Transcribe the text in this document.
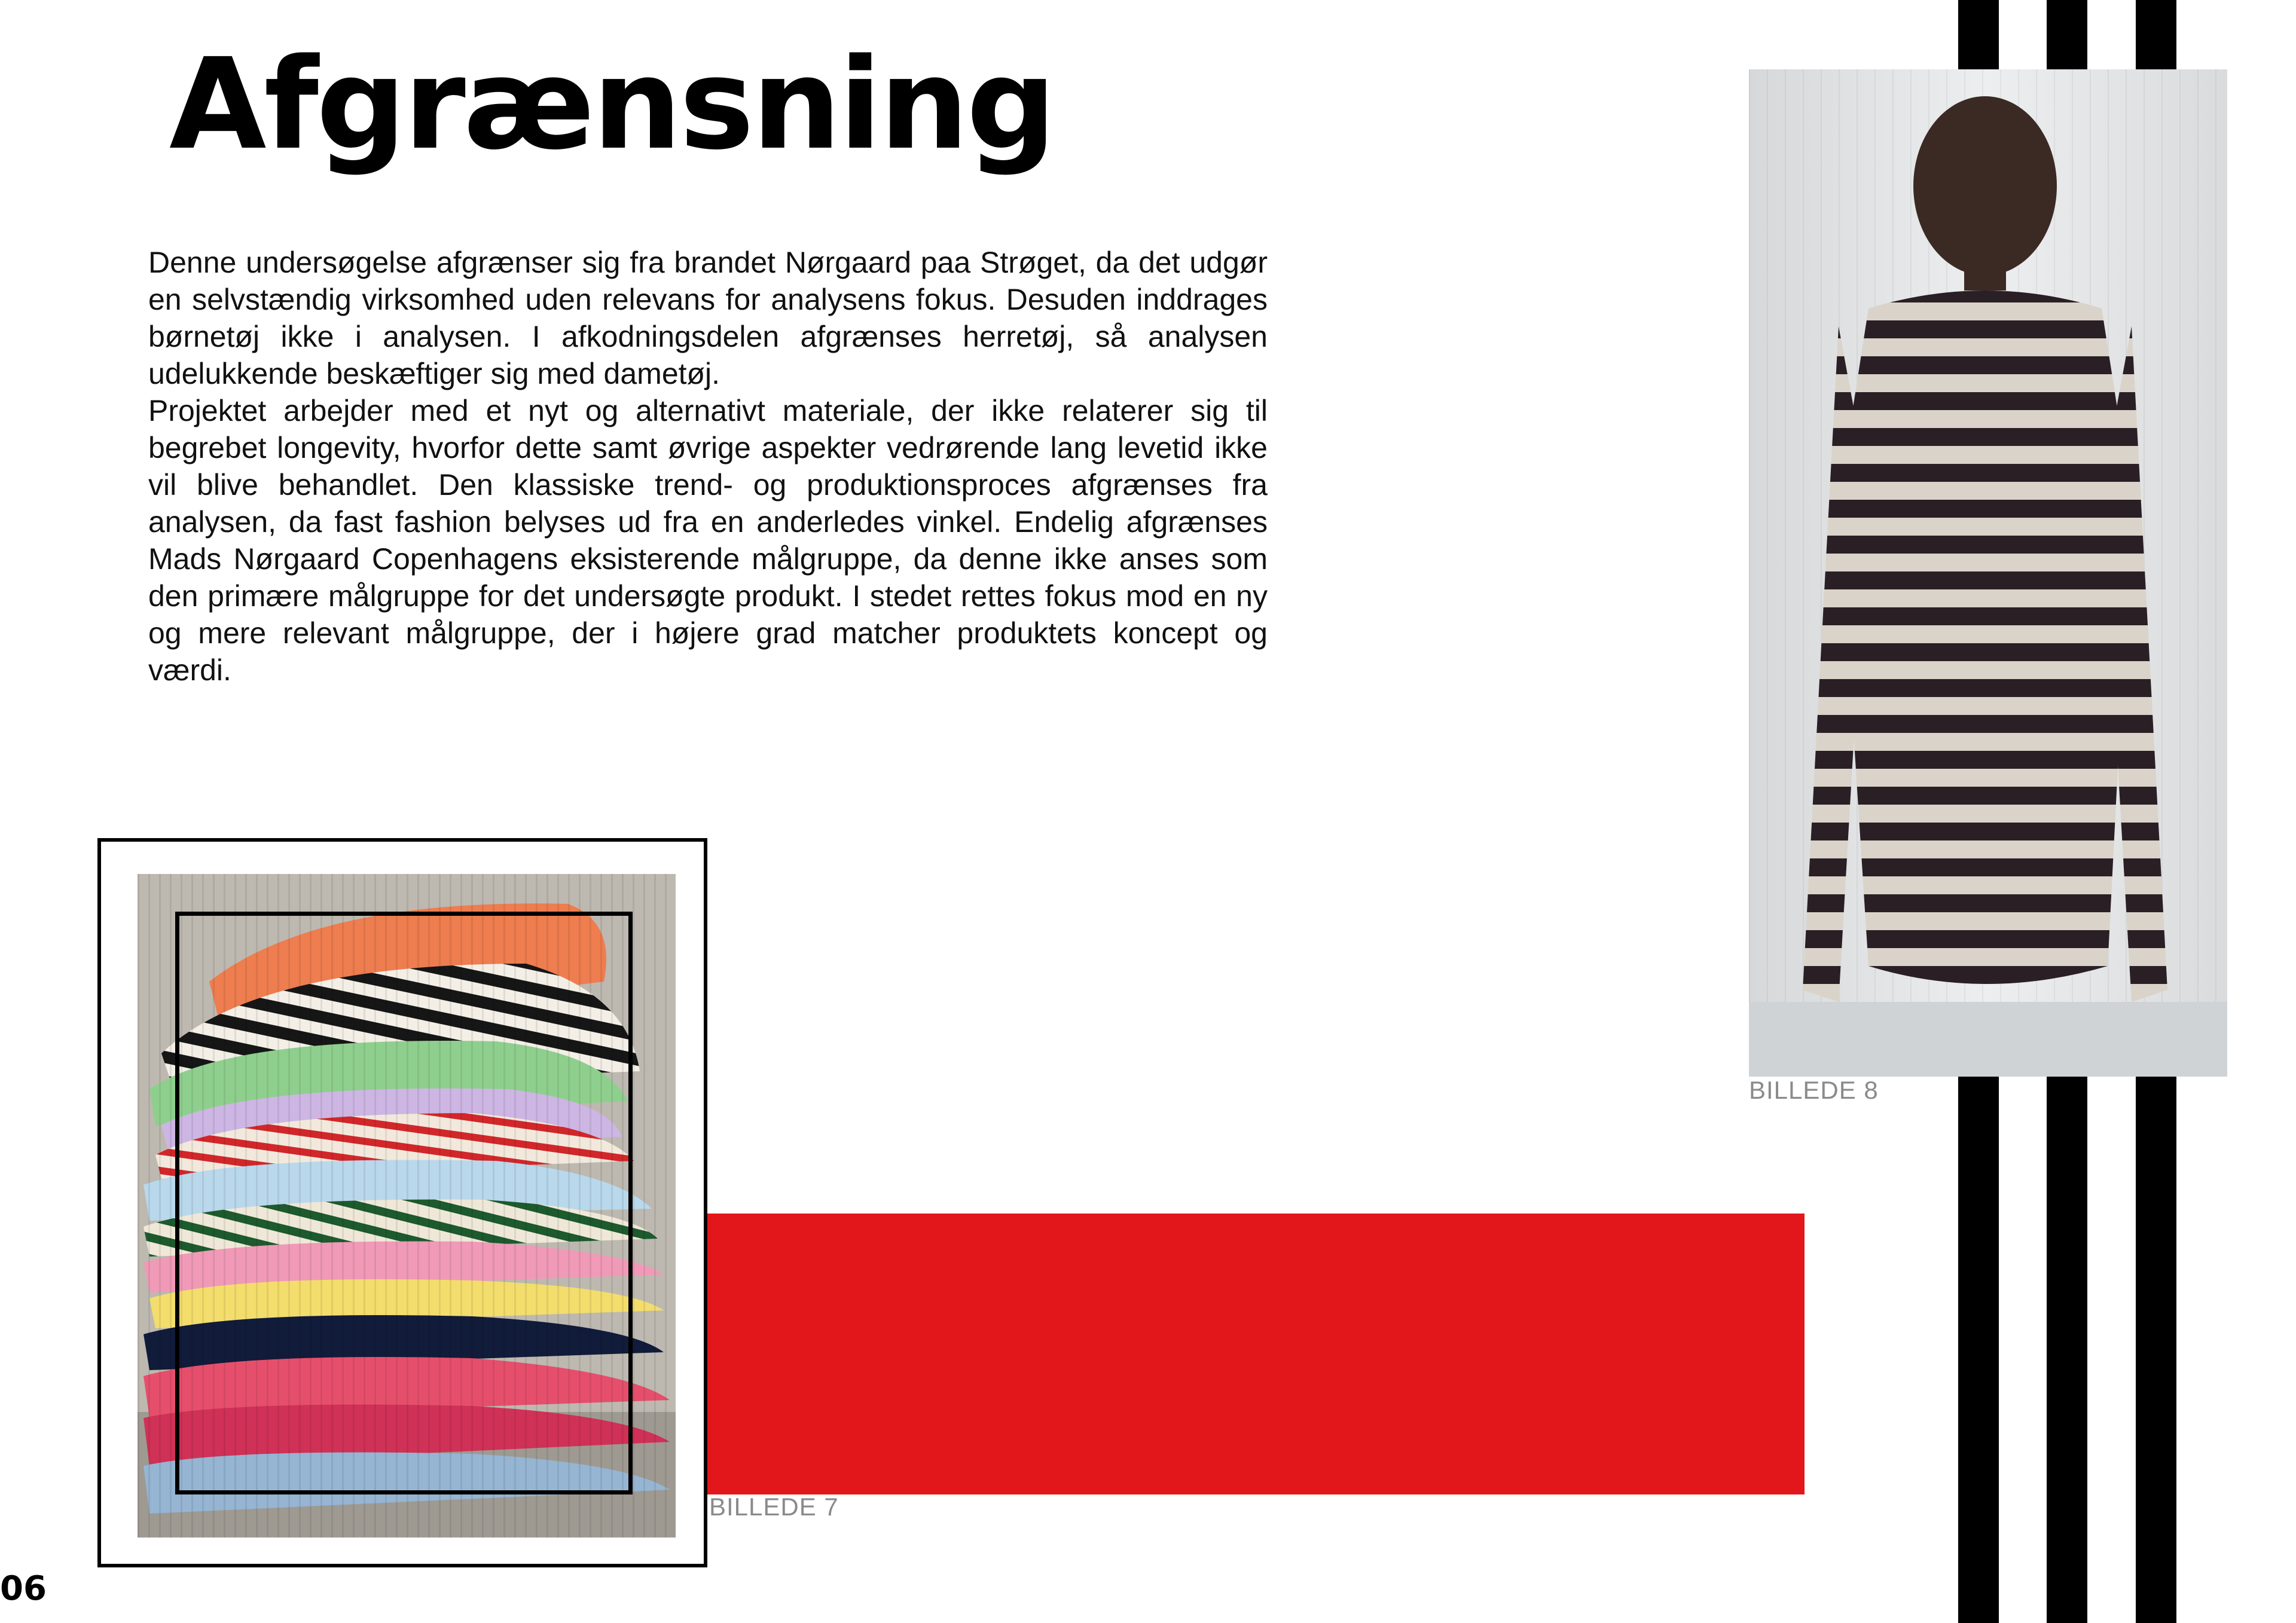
Afgrænsning

Denne undersøgelse afgrænser sig fra brandet Nørgaard paa Strøget, da det udgør en selvstændig virksomhed uden relevans for analysens fokus. Desuden inddrages børnetøj ikke i analysen. I afkodningsdelen afgrænses herretøj, så analysen udelukkende beskæftiger sig med dametøj.

Projektet arbejder med et nyt og alternativt materiale, der ikke relaterer sig til begrebet longevity, hvorfor dette samt øvrige aspekter vedrørende lang levetid ikke vil blive behandlet. Den klassiske trend- og produktionsproces afgrænses fra analysen, da fast fashion belyses ud fra en anderledes vinkel. Endelig afgrænses Mads Nørgaard Copenhagens eksisterende målgruppe, da denne ikke anses som den primære målgruppe for det undersøgte produkt. I stedet rettes fokus mod en ny og mere relevant målgruppe, der i højere grad matcher produktets koncept og værdi.

BILLEDE 7
BILLEDE 8
06
